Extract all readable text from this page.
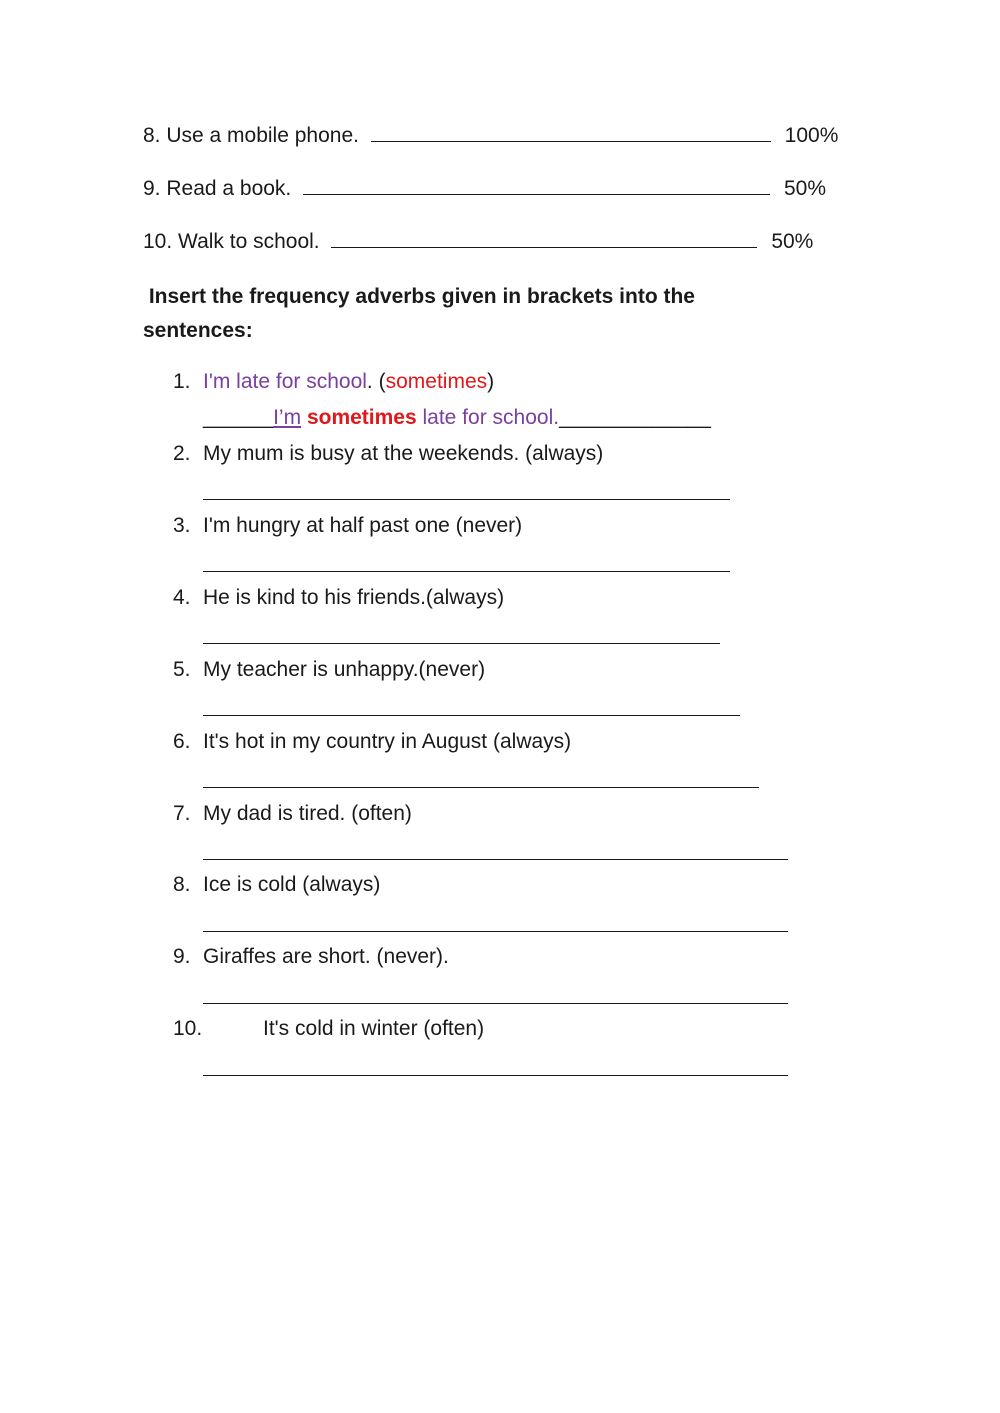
8. Use a mobile phone.	100%
9. Read a book.	50%
10. Walk to school.	50%
Insert the frequency adverbs given in brackets into the
sentences:
1. I'm late for school. (sometimes)
______I’m sometimes late for school._____________
2. My mum is busy at the weekends. (always)
3. I'm hungry at half past one (never)
4. He is kind to his friends.(always)
5. My teacher is unhappy.(never)
6. It's hot in my country in August (always)
7. My dad is tired. (often)
8. Ice is cold (always)
9. Giraffes are short. (never).
10.	It's cold in winter (often)
